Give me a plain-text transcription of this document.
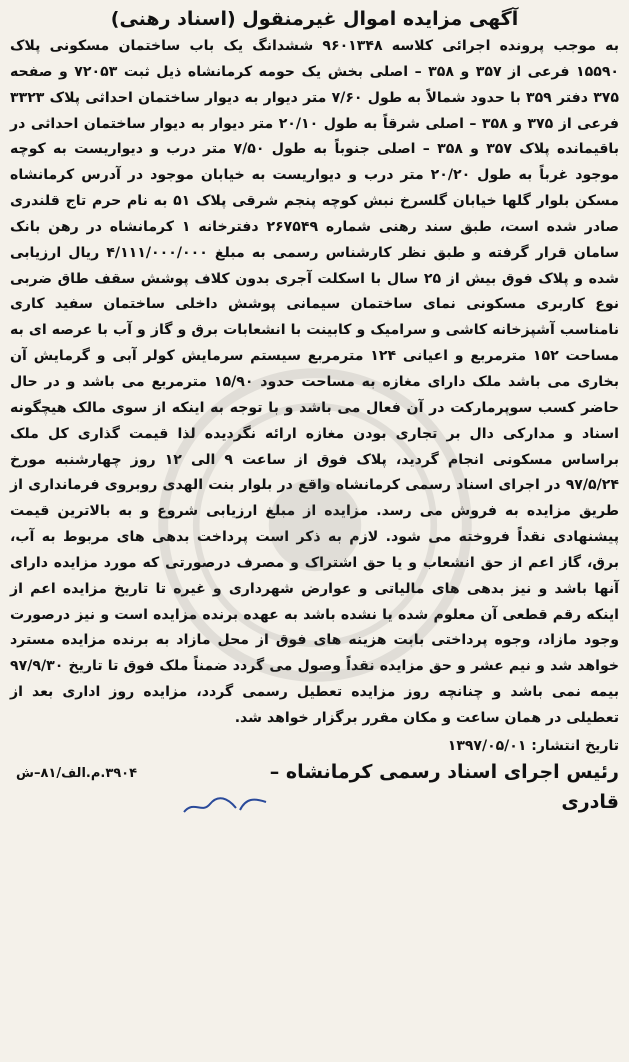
آگهی مزایده اموال غیرمنقول (اسناد رهنی)

به موجب پرونده اجرائی کلاسه ۹۶۰۱۳۴۸ ششدانگ یک باب ساختمان مسکونی پلاک ۱۵۵۹۰ فرعی از ۳۵۷ و ۳۵۸ – اصلی بخش یک حومه کرمانشاه ذیل ثبت ۷۲۰۵۳ و صفحه ۳۷۵ دفتر ۳۵۹ با حدود شمالاً به طول ۷/۶۰ متر دیوار به دیوار ساختمان احداثی پلاک ۳۳۲۳ فرعی از ۳۷۵ و ۳۵۸ – اصلی شرقاً به طول ۲۰/۱۰ متر دیوار به دیوار ساختمان احداثی در باقیمانده پلاک ۳۵۷ و ۳۵۸ – اصلی جنوباً به طول ۷/۵۰ متر درب و دیواریست به کوچه موجود غرباً به طول ۲۰/۲۰ متر درب و دیواریست به خیابان موجود در آدرس کرمانشاه مسکن بلوار گلها خیابان گلسرخ نبش کوچه پنجم شرقی پلاک ۵۱ به نام حرم تاج قلندری صادر شده است، طبق سند رهنی شماره ۲۶۷۵۴۹ دفترخانه ۱ کرمانشاه در رهن بانک سامان قرار گرفته و طبق نظر کارشناس رسمی به مبلغ ۴/۱۱۱/۰۰۰/۰۰۰ ریال ارزیابی شده و پلاک فوق بیش از ۲۵ سال با اسکلت آجری بدون کلاف پوشش سقف طاق ضربی نوع کاربری مسکونی نمای ساختمان سیمانی پوشش داخلی ساختمان سفید کاری نامناسب آشپزخانه کاشی و سرامیک و کابینت با انشعابات برق و گاز و آب با عرصه ای به مساحت ۱۵۲ مترمربع و اعیانی ۱۲۴ مترمربع سیستم سرمایش کولر آبی و گرمایش آن بخاری می باشد ملک دارای مغازه به مساحت حدود ۱۵/۹۰ مترمربع می باشد و در حال حاضر کسب سوپرمارکت در آن فعال می باشد و با توجه به اینکه از سوی مالک هیچگونه اسناد و مدارکی دال بر تجاری بودن مغازه ارائه نگردیده لذا قیمت گذاری کل ملک براساس مسکونی انجام گردید، پلاک فوق از ساعت ۹ الی ۱۲ روز چهارشنبه مورخ ۹۷/۵/۲۴ در اجرای اسناد رسمی کرمانشاه واقع در بلوار بنت الهدی روبروی فرمانداری از طریق مزایده به فروش می رسد. مزایده از مبلغ ارزیابی شروع و به بالاترین قیمت پیشنهادی نقداً فروخته می شود. لازم به ذکر است پرداخت بدهی های مربوط به آب، برق، گاز اعم از حق انشعاب و یا حق اشتراک و مصرف درصورتی که مورد مزایده دارای آنها باشد و نیز بدهی های مالیاتی و عوارض شهرداری و غیره تا تاریخ مزایده اعم از اینکه رقم قطعی آن معلوم شده یا نشده باشد به عهده برنده مزایده است و نیز درصورت وجود مازاد، وجوه پرداختی بابت هزینه های فوق از محل مازاد به برنده مزایده مسترد خواهد شد و نیم عشر و حق مزایده نقداً وصول می گردد ضمناً ملک فوق تا تاریخ ۹۷/۹/۳۰ بیمه نمی باشد و چنانچه روز مزایده تعطیل رسمی گردد، مزایده روز اداری بعد از تعطیلی در همان ساعت و مکان مقرر برگزار خواهد شد.

تاریخ انتشار: ۱۳۹۷/۰۵/۰۱
رئیس اجرای اسناد رسمی کرمانشاه –
۳۹۰۴.م.الف/۸۱–ش
قادری
